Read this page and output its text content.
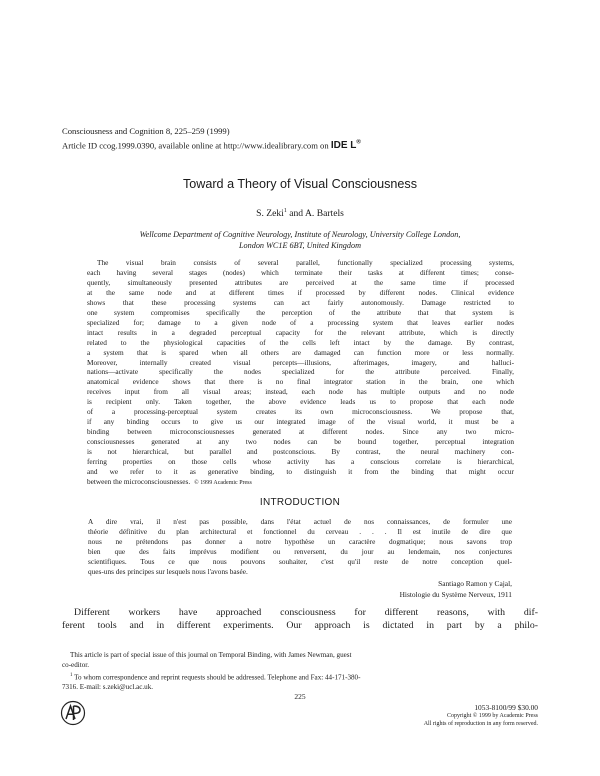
Consciousness and Cognition 8, 225–259 (1999)
Article ID ccog.1999.0390, available online at http://www.idealibrary.com on IDE L®
Toward a Theory of Visual Consciousness
S. Zeki$^1$ and A. Bartels
Wellcome Department of Cognitive Neurology, Institute of Neurology, University College London,
London WC1E 6BT, United Kingdom
The visual brain consists of several parallel, functionally specialized processing systems,
each having several stages (nodes) which terminate their tasks at different times; conse-
quently, simultaneously presented attributes are perceived at the same time if processed
at the same node and at different times if processed by different nodes. Clinical evidence
shows that these processing systems can act fairly autonomously. Damage restricted to
one system compromises specifically the perception of the attribute that that system is
specialized for; damage to a given node of a processing system that leaves earlier nodes
intact results in a degraded perceptual capacity for the relevant attribute, which is directly
related to the physiological capacities of the cells left intact by the damage. By contrast,
a system that is spared when all others are damaged can function more or less normally.
Moreover, internally created visual percepts—illusions, afterimages, imagery, and halluci-
nations—activate specifically the nodes specialized for the attribute perceived. Finally,
anatomical evidence shows that there is no final integrator station in the brain, one which
receives input from all visual areas; instead, each node has multiple outputs and no node
is recipient only. Taken together, the above evidence leads us to propose that each node
of a processing-perceptual system creates its own microconsciousness. We propose that,
if any binding occurs to give us our integrated image of the visual world, it must be a
binding between microconsciousnesses generated at different nodes. Since any two micro-
consciousnesses generated at any two nodes can be bound together, perceptual integration
is not hierarchical, but parallel and postconscious. By contrast, the neural machinery con-
ferring properties on those cells whose activity has a conscious correlate is hierarchical,
and we refer to it as generative binding, to distinguish it from the binding that might occur
between the microconsciousnesses. © 1999 Academic Press
INTRODUCTION
A dire vrai, il n'est pas possible, dans l'état actuel de nos connaissances, de formuler une
théorie définitive du plan architectural et fonctionnel du cerveau . . . Il est inutile de dire que
nous ne prétendons pas donner a notre hypothèse un caractère dogmatique; nous savons trop
bien que des faits imprévus modifient ou renversent, du jour au lendemain, nos conjectures
scientifiques. Tous ce que nous pouvons souhaiter, c'est qu'il reste de notre conception quel-
ques-uns des principes sur lesquels nous l'avons basée.
Santiago Ramon y Cajal,
Histologie du Système Nerveux, 1911
Different workers have approached consciousness for different reasons, with dif-
ferent tools and in different experiments. Our approach is dictated in part by a philo-
This article is part of special issue of this journal on Temporal Binding, with James Newman, guest
co-editor.
$^1$ To whom correspondence and reprint requests should be addressed. Telephone and Fax: 44-171-380-
7316. E-mail: s.zeki@ucl.ac.uk.
225
1053-8100/99 $30.00
Copyright © 1999 by Academic Press
All rights of reproduction in any form reserved.
